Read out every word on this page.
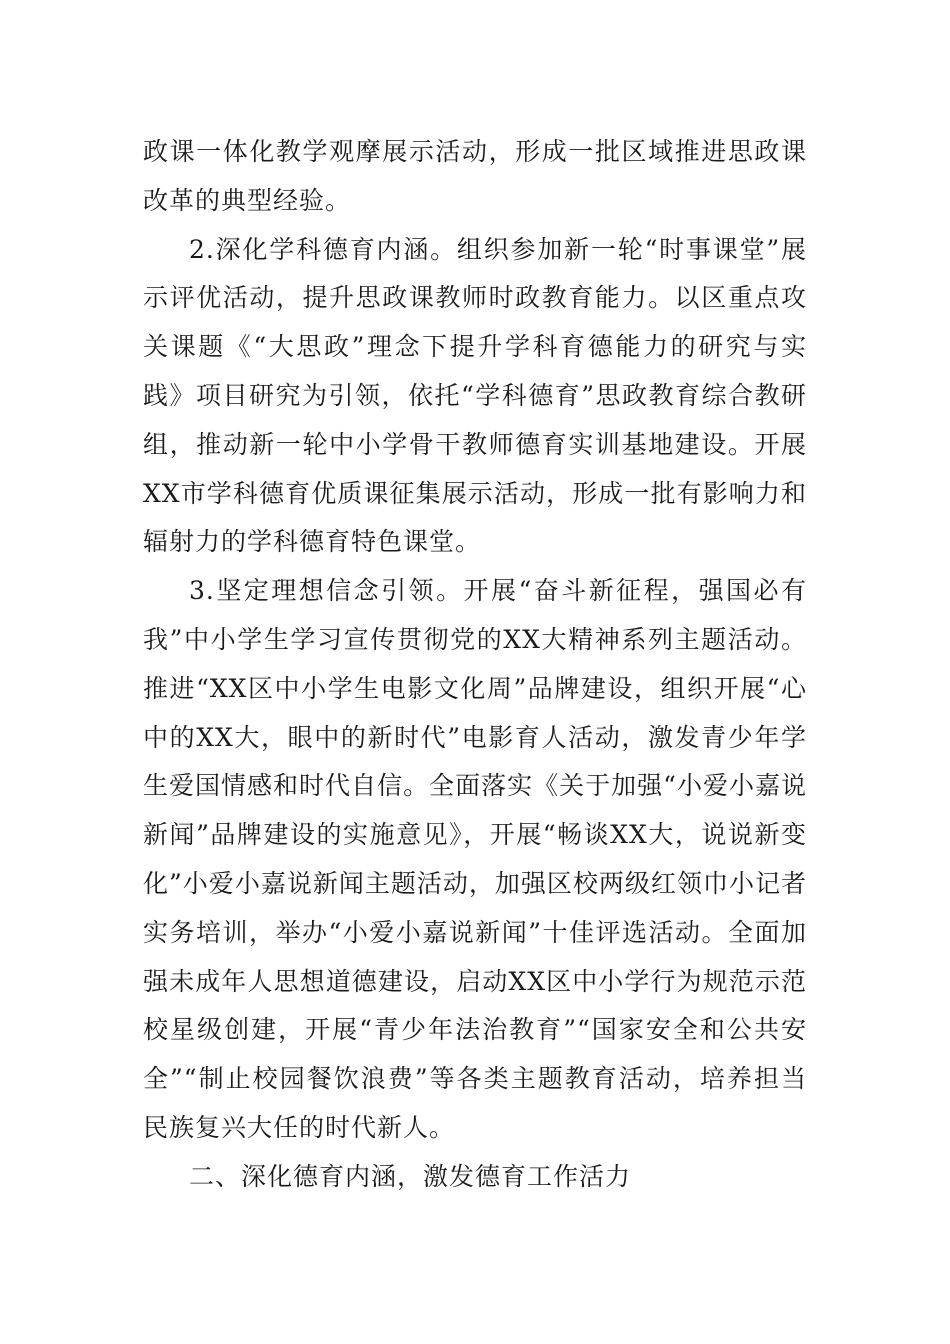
政课一体化教学观摩展示活动，形成一批区域推进思政课改革的典型经验。

2.深化学科德育内涵。组织参加新一轮“时事课堂”展示评优活动，提升思政课教师时政教育能力。以区重点攻关课题《“大思政”理念下提升学科育德能力的研究与实践》项目研究为引领，依托“学科德育”思政教育综合教研组，推动新一轮中小学骨干教师德育实训基地建设。开展XX市学科德育优质课征集展示活动，形成一批有影响力和辐射力的学科德育特色课堂。

3.坚定理想信念引领。开展“奋斗新征程，强国必有我”中小学生学习宣传贯彻党的XX大精神系列主题活动。推进“XX区中小学生电影文化周”品牌建设，组织开展“心中的XX大，眼中的新时代”电影育人活动，激发青少年学生爱国情感和时代自信。全面落实《关于加强“小爱小嘉说新闻”品牌建设的实施意见》，开展“畅谈XX大，说说新变化”小爱小嘉说新闻主题活动，加强区校两级红领巾小记者实务培训，举办“小爱小嘉说新闻”十佳评选活动。全面加强未成年人思想道德建设，启动XX区中小学行为规范示范校星级创建，开展“青少年法治教育”“国家安全和公共安全”“制止校园餐饮浪费”等各类主题教育活动，培养担当民族复兴大任的时代新人。

二、深化德育内涵，激发德育工作活力
